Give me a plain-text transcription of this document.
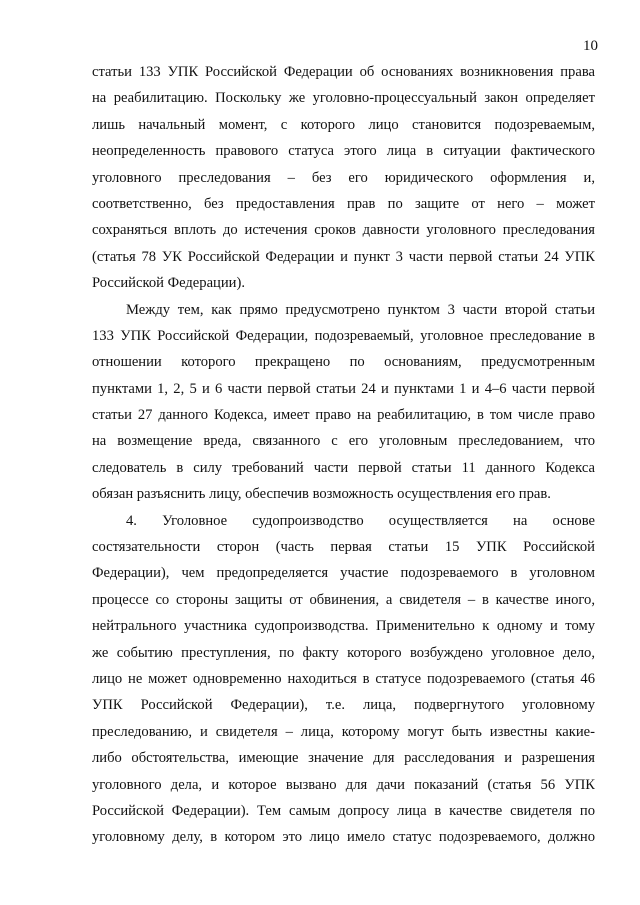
10
статьи 133 УПК Российской Федерации об основаниях возникновения права
на реабилитацию. Поскольку же уголовно-процессуальный закон определяет
лишь начальный момент, с которого лицо становится подозреваемым,
неопределенность правового статуса этого лица в ситуации фактического
уголовного преследования – без его юридического оформления и,
соответственно, без предоставления прав по защите от него – может
сохраняться вплоть до истечения сроков давности уголовного преследования
(статья 78 УК Российской Федерации и пункт 3 части первой статьи 24 УПК
Российской Федерации).
Между тем, как прямо предусмотрено пунктом 3 части второй статьи
133 УПК Российской Федерации, подозреваемый, уголовное преследование в
отношении которого прекращено по основаниям, предусмотренным
пунктами 1, 2, 5 и 6 части первой статьи 24 и пунктами 1 и 4–6 части первой
статьи 27 данного Кодекса, имеет право на реабилитацию, в том числе право
на возмещение вреда, связанного с его уголовным преследованием, что
следователь в силу требований части первой статьи 11 данного Кодекса
обязан разъяснить лицу, обеспечив возможность осуществления его прав.
4. Уголовное судопроизводство осуществляется на основе
состязательности сторон (часть первая статьи 15 УПК Российской
Федерации), чем предопределяется участие подозреваемого в уголовном
процессе со стороны защиты от обвинения, а свидетеля – в качестве иного,
нейтрального участника судопроизводства. Применительно к одному и тому
же событию преступления, по факту которого возбуждено уголовное дело,
лицо не может одновременно находиться в статусе подозреваемого (статья 46
УПК Российской Федерации), т.е. лица, подвергнутого уголовному
преследованию, и свидетеля – лица, которому могут быть известны какие-
либо обстоятельства, имеющие значение для расследования и разрешения
уголовного дела, и которое вызвано для дачи показаний (статья 56 УПК
Российской Федерации). Тем самым допросу лица в качестве свидетеля по
уголовному делу, в котором это лицо имело статус подозреваемого, должно
